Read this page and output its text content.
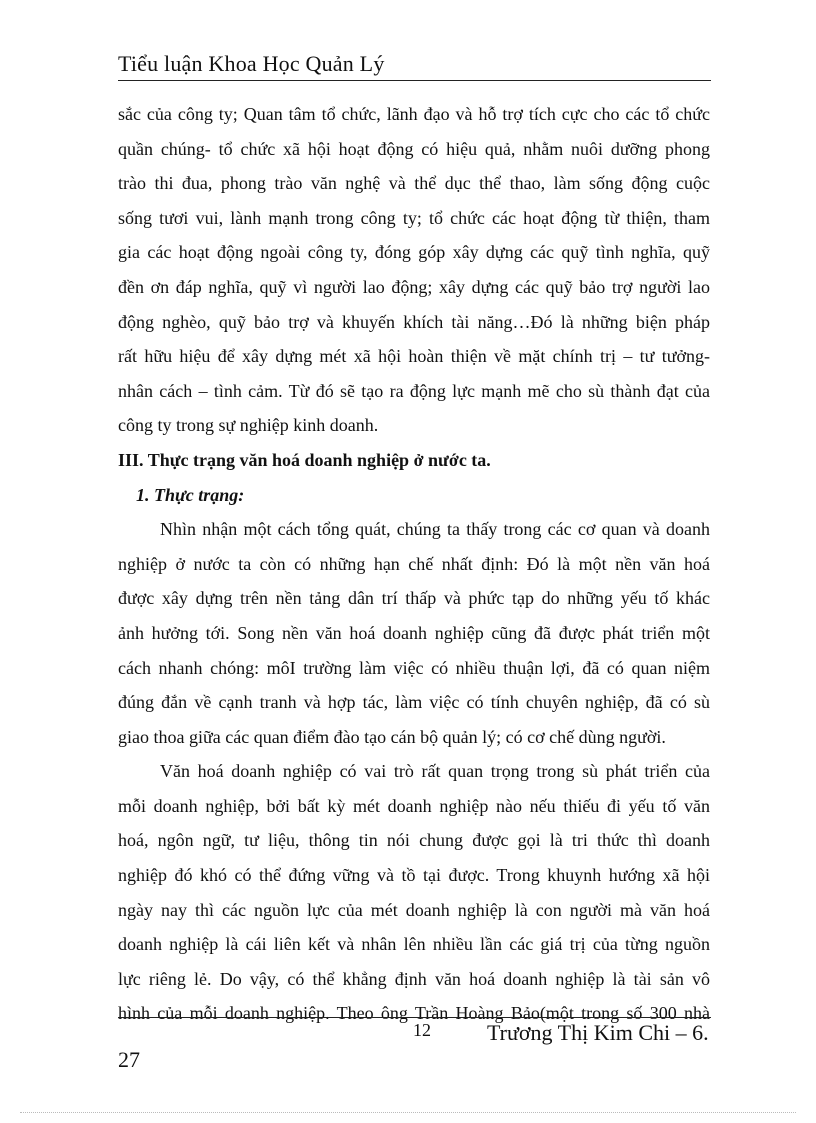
Tiểu luận Khoa Học Quản Lý
sắc của công ty; Quan tâm tổ chức, lãnh đạo và hỗ trợ tích cực cho các tổ chức
quần chúng- tổ chức xã hội hoạt động có hiệu quả, nhằm nuôi dưỡng phong
trào thi đua, phong trào văn nghệ và thể dục thể thao, làm sống động cuộc
sống tươi vui, lành mạnh trong công ty; tổ chức các hoạt động từ thiện, tham
gia các hoạt động ngoài công ty, đóng góp xây dựng các quỹ tình nghĩa, quỹ
đền ơn đáp nghĩa, quỹ vì người lao động; xây dựng các quỹ bảo trợ người lao
động nghèo, quỹ bảo trợ và khuyến khích tài năng…Đó là những biện pháp
rất hữu hiệu để xây dựng mét xã hội hoàn thiện về mặt chính trị – tư tưởng-
nhân cách – tình cảm. Từ đó sẽ tạo ra động lực mạnh mẽ cho sù thành đạt của
công ty trong sự nghiệp kinh doanh.
III. Thực trạng văn hoá doanh nghiệp ở nước ta.
1. Thực trạng:
Nhìn nhận một cách tổng quát, chúng ta thấy trong các cơ quan và doanh
nghiệp ở nước ta còn có những hạn chế nhất định: Đó là một nền văn hoá
được xây dựng trên nền tảng dân trí thấp và phức tạp do những yếu tố khác
ảnh hưởng tới. Song nền văn hoá doanh nghiệp cũng đã được phát triển một
cách nhanh chóng: môI trường làm việc có nhiều thuận lợi, đã có quan niệm
đúng đắn về cạnh tranh và hợp tác, làm việc có tính chuyên nghiệp, đã có sù
giao thoa giữa các quan điểm đào tạo cán bộ quản lý; có cơ chế dùng người.
Văn hoá doanh nghiệp có vai trò rất quan trọng trong sù phát triển của
mỗi doanh nghiệp, bởi bất kỳ mét doanh nghiệp nào nếu thiếu đi yếu tố văn
hoá, ngôn ngữ, tư liệu, thông tin nói chung được gọi là tri thức thì doanh
nghiệp đó khó có thể đứng vững và tồ tại được. Trong khuynh hướng xã hội
ngày nay thì các nguồn lực của mét doanh nghiệp là con người mà văn hoá
doanh nghiệp là cái liên kết và nhân lên nhiều lần các giá trị của từng nguồn
lực riêng lẻ. Do vậy, có thể khẳng định văn hoá doanh nghiệp là tài sản vô
hình của mỗi doanh nghiệp. Theo ông Trần Hoàng Bảo(một trong số 300 nhà
12	Trương Thị Kim Chi – 6.
27
